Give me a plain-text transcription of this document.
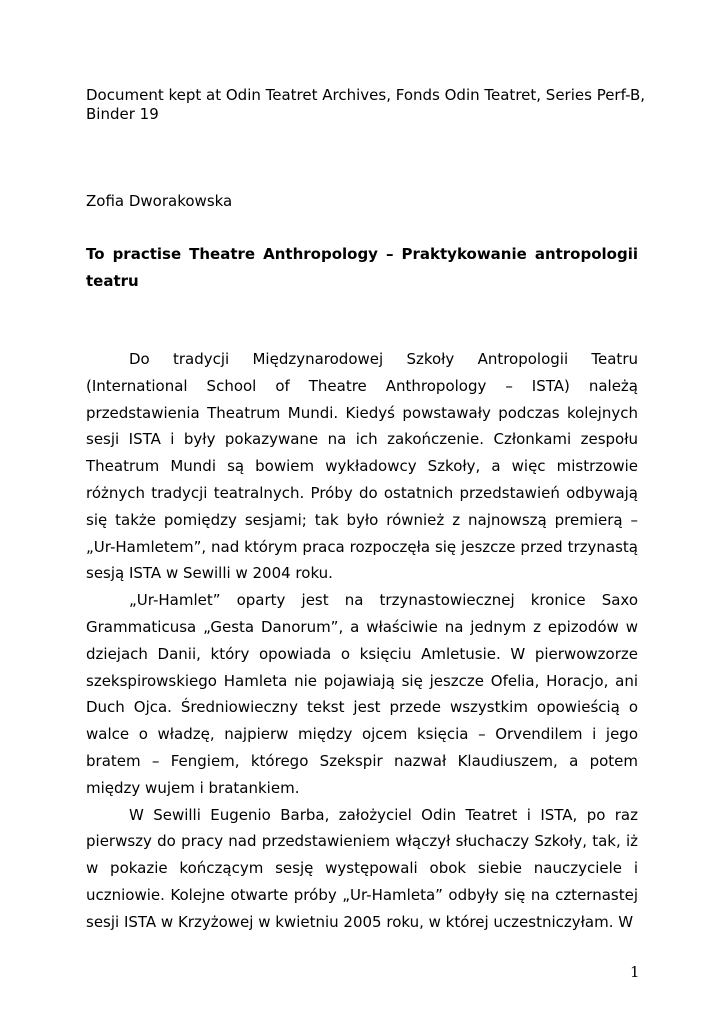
Document kept at Odin Teatret Archives, Fonds Odin Teatret, Series Perf-B, Binder 19

Zofia Dworakowska

To practise Theatre Anthropology – Praktykowanie antropologii teatru

Do tradycji Międzynarodowej Szkoły Antropologii Teatru (International School of Theatre Anthropology – ISTA) należą przedstawienia Theatrum Mundi. Kiedyś powstawały podczas kolejnych sesji ISTA i były pokazywane na ich zakończenie. Członkami zespołu Theatrum Mundi są bowiem wykładowcy Szkoły, a więc mistrzowie różnych tradycji teatralnych. Próby do ostatnich przedstawień odbywają się także pomiędzy sesjami; tak było również z najnowszą premierą – „Ur-Hamletem”, nad którym praca rozpoczęła się jeszcze przed trzynastą sesją ISTA w Sewilli w 2004 roku.

„Ur-Hamlet” oparty jest na trzynastowiecznej kronice Saxo Grammaticusa „Gesta Danorum”, a właściwie na jednym z epizodów w dziejach Danii, który opowiada o księciu Amletusie. W pierwowzorze szekspirowskiego Hamleta nie pojawiają się jeszcze Ofelia, Horacjo, ani Duch Ojca. Średniowieczny tekst jest przede wszystkim opowieścią o walce o władzę, najpierw między ojcem księcia – Orvendilem i jego bratem – Fengiem, którego Szekspir nazwał Klaudiuszem, a potem między wujem i bratankiem.

W Sewilli Eugenio Barba, założyciel Odin Teatret i ISTA, po raz pierwszy do pracy nad przedstawieniem włączył słuchaczy Szkoły, tak, iż w pokazie kończącym sesję występowali obok siebie nauczyciele i uczniowie. Kolejne otwarte próby „Ur-Hamleta” odbyły się na czternastej sesji ISTA w Krzyżowej w kwietniu 2005 roku, w której uczestniczyłam. W

1
